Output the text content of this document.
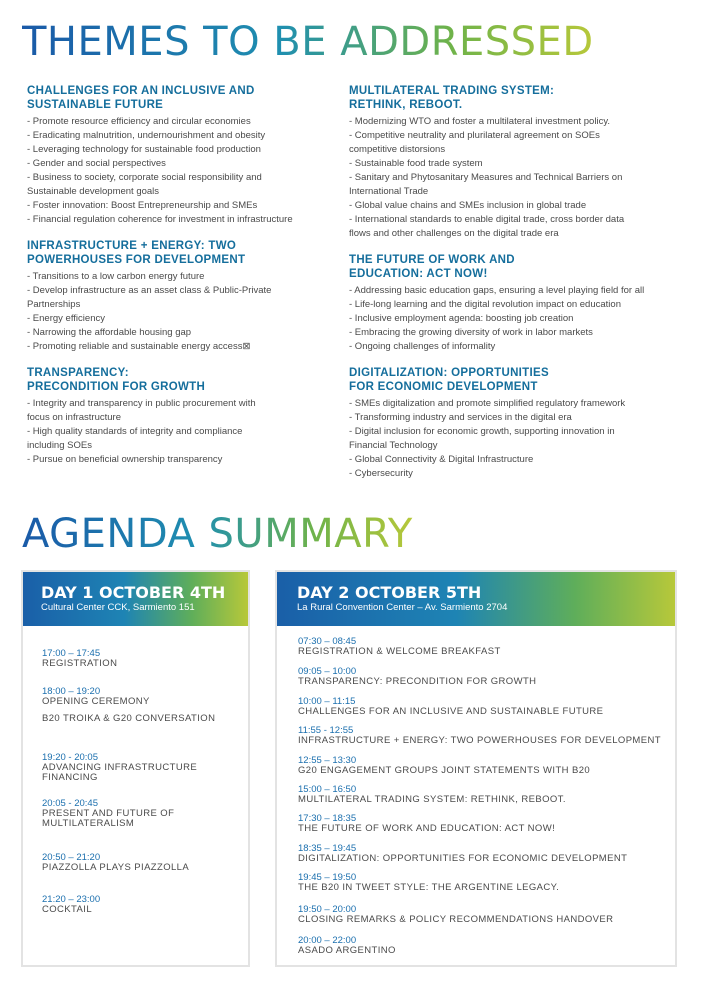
THEMES TO BE ADDRESSED
CHALLENGES FOR AN INCLUSIVE AND
SUSTAINABLE FUTURE
- Promote resource efficiency and circular economies
- Eradicating malnutrition, undernourishment and obesity
- Leveraging technology for sustainable food production
- Gender and social perspectives
- Business to society, corporate social responsibility and
Sustainable development goals
- Foster innovation: Boost Entrepreneurship and SMEs
- Financial regulation coherence for investment in infrastructure
INFRASTRUCTURE + ENERGY: TWO
POWERHOUSES FOR DEVELOPMENT
- Transitions to a low carbon energy future
- Develop infrastructure as an asset class & Public-Private
Partnerships
- Energy efficiency
- Narrowing the affordable housing gap
- Promoting reliable and sustainable energy access⊠
TRANSPARENCY:
PRECONDITION FOR GROWTH
- Integrity and transparency in public procurement with
focus on infrastructure
- High quality standards of integrity and compliance
including SOEs
- Pursue on beneficial ownership transparency
MULTILATERAL TRADING SYSTEM:
RETHINK, REBOOT.
- Modernizing WTO and foster a multilateral investment policy.
- Competitive neutrality and plurilateral agreement on SOEs
competitive distorsions
- Sustainable food trade system
- Sanitary and Phytosanitary Measures and Technical Barriers on
International Trade
- Global value chains and SMEs inclusion in global trade
- International standards to enable digital trade, cross border data
flows and other challenges on the digital trade era
THE FUTURE OF WORK AND
EDUCATION: ACT NOW!
- Addressing basic education gaps, ensuring a level playing field for all
- Life-long learning and the digital revolution impact on education
- Inclusive employment agenda: boosting job creation
- Embracing the growing diversity of work in labor markets
- Ongoing challenges of informality
DIGITALIZATION: OPPORTUNITIES
FOR ECONOMIC DEVELOPMENT
- SMEs digitalization and promote simplified regulatory framework
- Transforming industry and services in the digital era
- Digital inclusion for economic growth, supporting innovation in
Financial Technology
- Global Connectivity & Digital Infrastructure
- Cybersecurity
AGENDA SUMMARY
DAY 1 OCTOBER 4TH
Cultural Center CCK, Sarmiento 151
17:00 – 17:45
REGISTRATION
18:00 – 19:20
OPENING CEREMONY
B20 TROIKA & G20 CONVERSATION
19:20 - 20:05
ADVANCING INFRASTRUCTURE
FINANCING
20:05 - 20:45
PRESENT AND FUTURE OF
MULTILATERALISM
20:50 – 21:20
PIAZZOLLA PLAYS PIAZZOLLA
21:20 – 23:00
COCKTAIL
DAY 2 OCTOBER 5TH
La Rural Convention Center – Av. Sarmiento 2704
07:30 – 08:45
REGISTRATION & WELCOME BREAKFAST
09:05 – 10:00
TRANSPARENCY: PRECONDITION FOR GROWTH
10:00 – 11:15
CHALLENGES FOR AN INCLUSIVE AND SUSTAINABLE FUTURE
11:55 - 12:55
INFRASTRUCTURE + ENERGY: TWO POWERHOUSES FOR DEVELOPMENT
12:55 – 13:30
G20 ENGAGEMENT GROUPS JOINT STATEMENTS WITH B20
15:00 – 16:50
MULTILATERAL TRADING SYSTEM: RETHINK, REBOOT.
17:30 – 18:35
THE FUTURE OF WORK AND EDUCATION: ACT NOW!
18:35 – 19:45
DIGITALIZATION: OPPORTUNITIES FOR ECONOMIC DEVELOPMENT
19:45 – 19:50
THE B20 IN TWEET STYLE: THE ARGENTINE LEGACY.
19:50 – 20:00
CLOSING REMARKS & POLICY RECOMMENDATIONS HANDOVER
20:00 – 22:00
ASADO ARGENTINO
